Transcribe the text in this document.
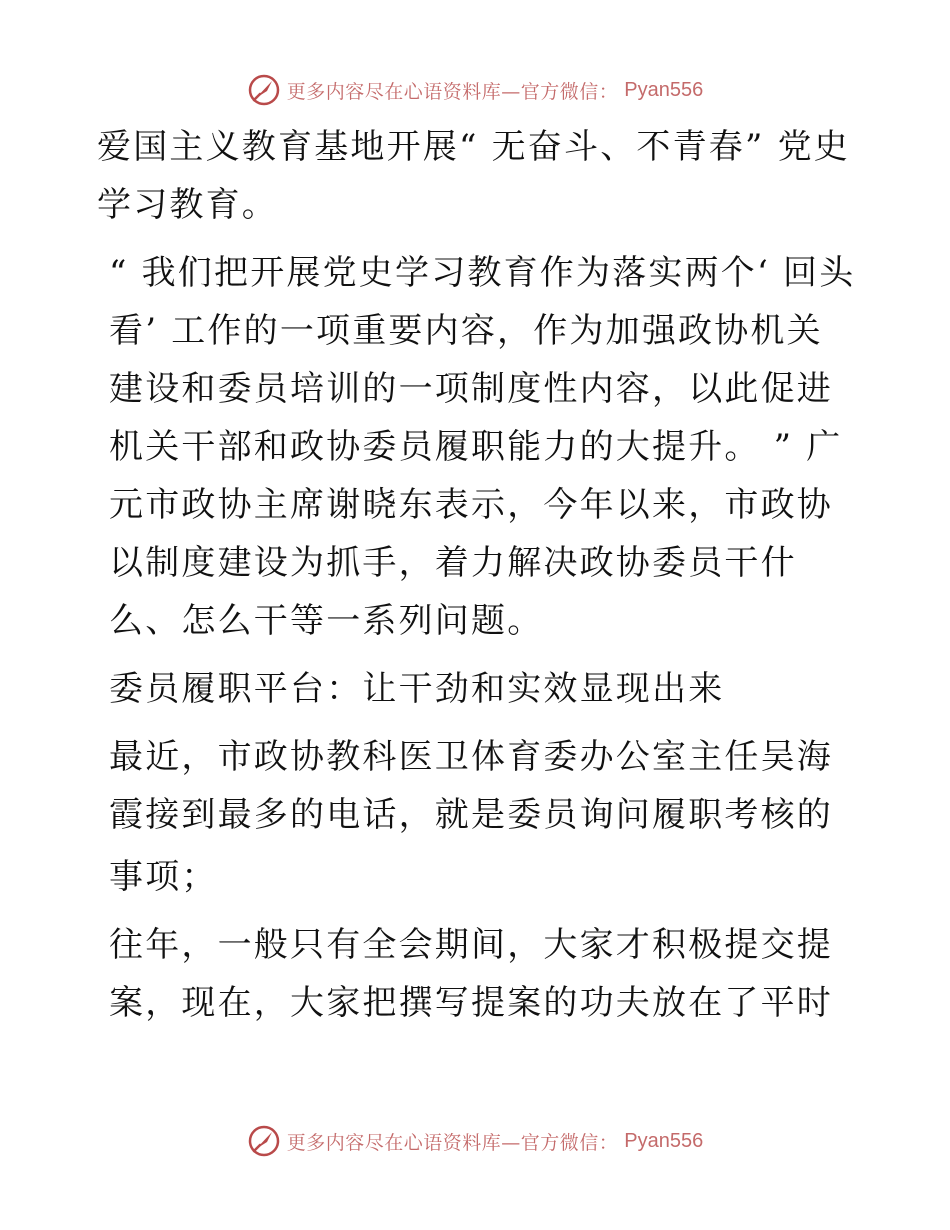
更多内容尽在心语资料库—官方微信： Pyan556

爱国主义教育基地开展“ 无奋斗、不青春” 党史学习教育。

“ 我们把开展党史学习教育作为落实两个‘ 回头看’ 工作的一项重要内容，作为加强政协机关建设和委员培训的一项制度性内容，以此促进机关干部和政协委员履职能力的大提升。 ” 广元市政协主席谢晓东表示，今年以来，市政协以制度建设为抓手，着力解决政协委员干什么、怎么干等一系列问题。

委员履职平台：让干劲和实效显现出来

最近，市政协教科医卫体育委办公室主任吴海霞接到最多的电话，就是委员询问履职考核的

事项；

往年，一般只有全会期间，大家才积极提交提案，现在，大家把撰写提案的功夫放在了平时

更多内容尽在心语资料库—官方微信： Pyan556
